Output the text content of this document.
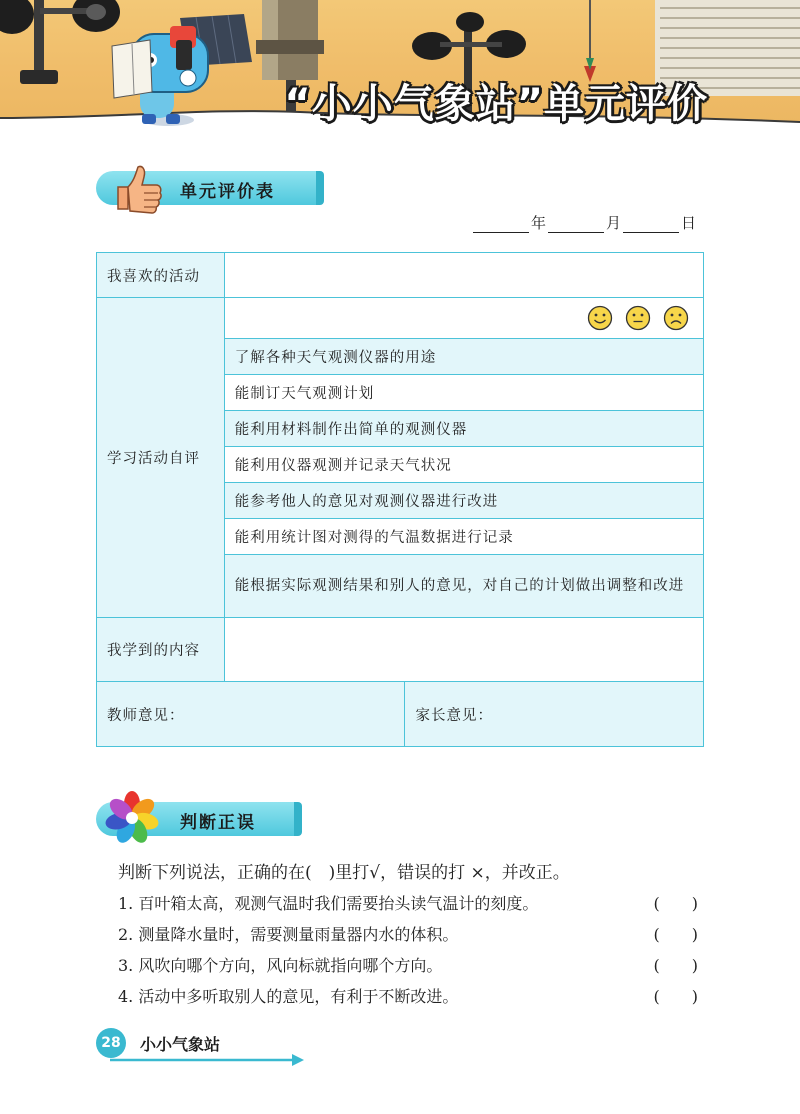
“小小气象站”单元评价
单元评价表
年	月	日
我喜欢的活动		
学习活动自评	

	了解各种天气观测仪器的用途	
	能制订天气观测计划	
	能利用材料制作出简单的观测仪器	
	能利用仪器观测并记录天气状况	
	能参考他人的意见对观测仪器进行改进	
	能利用统计图对测得的气温数据进行记录	
	能根据实际观测结果和别人的意见，对自己的计划做出调整和改进	
我学到的内容		
教师意见：		家长意见：
判断正误
判断下列说法，正确的在(　)里打√，错误的打 ×，并改正。
1. 百叶箱太高，观测气温时我们需要抬头读气温计的刻度。	(　　)
2. 测量降水量时，需要测量雨量器内水的体积。	(　　)
3. 风吹向哪个方向，风向标就指向哪个方向。	(　　)
4. 活动中多听取别人的意见，有利于不断改进。	(　　)
28	小小气象站
